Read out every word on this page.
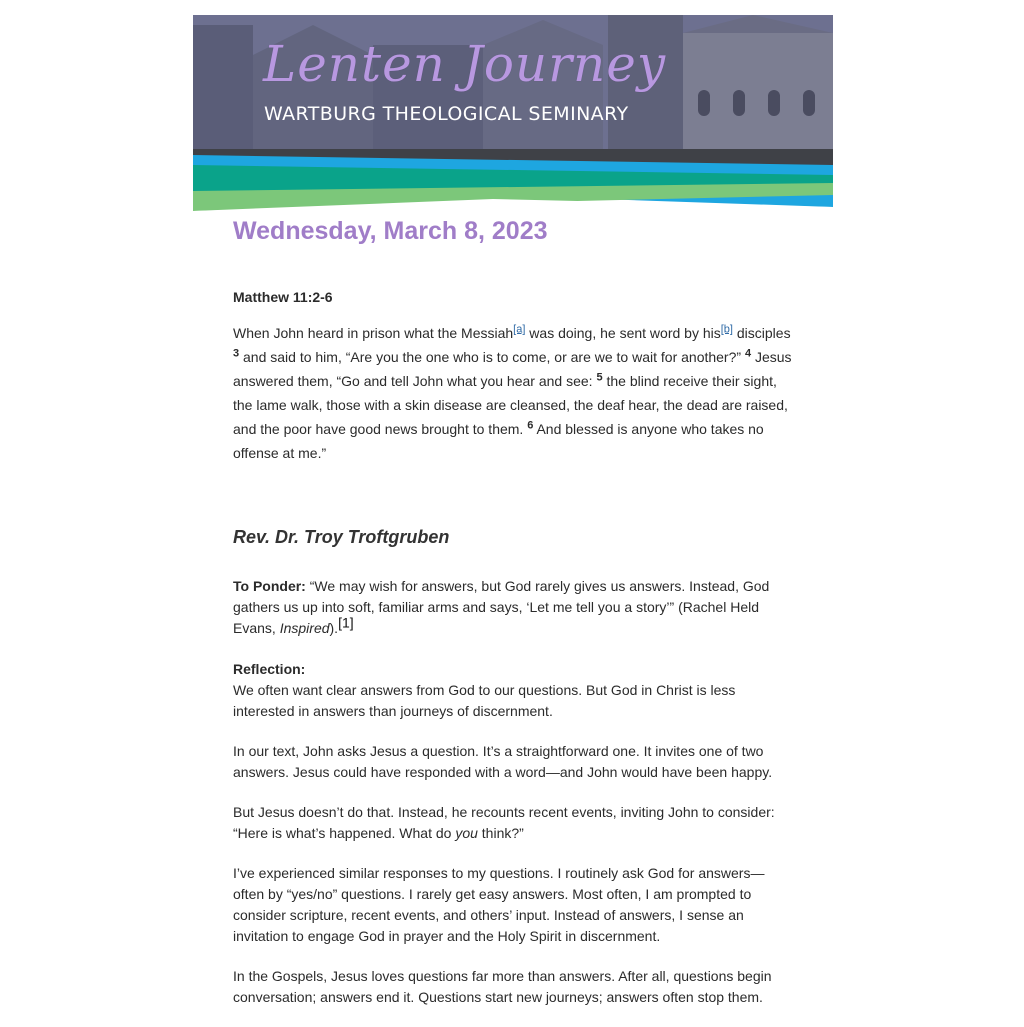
Lenten Journey
WARTBURG THEOLOGICAL SEMINARY
Wednesday, March 8, 2023
Matthew 11:2-6
When John heard in prison what the Messiah[a] was doing, he sent word by his[b] disciples $^3$ and said to him, “Are you the one who is to come, or are we to wait for another?” $^4$ Jesus answered them, “Go and tell John what you hear and see: $^5$ the blind receive their sight, the lame walk, those with a skin disease are cleansed, the deaf hear, the dead are raised, and the poor have good news brought to them. $^6$ And blessed is anyone who takes no offense at me.”
Rev. Dr. Troy Troftgruben
To Ponder: “We may wish for answers, but God rarely gives us answers. Instead, God gathers us up into soft, familiar arms and says, ‘Let me tell you a story’” (Rachel Held Evans, Inspired).[1]
Reflection:
We often want clear answers from God to our questions. But God in Christ is less interested in answers than journeys of discernment.
In our text, John asks Jesus a question. It’s a straightforward one. It invites one of two answers. Jesus could have responded with a word—and John would have been happy.
But Jesus doesn’t do that. Instead, he recounts recent events, inviting John to consider: “Here is what’s happened. What do you think?”
I’ve experienced similar responses to my questions. I routinely ask God for answers—often by “yes/no” questions. I rarely get easy answers. Most often, I am prompted to consider scripture, recent events, and others’ input. Instead of answers, I sense an invitation to engage God in prayer and the Holy Spirit in discernment.
In the Gospels, Jesus loves questions far more than answers. After all, questions begin conversation; answers end it. Questions start new journeys; answers often stop them.
